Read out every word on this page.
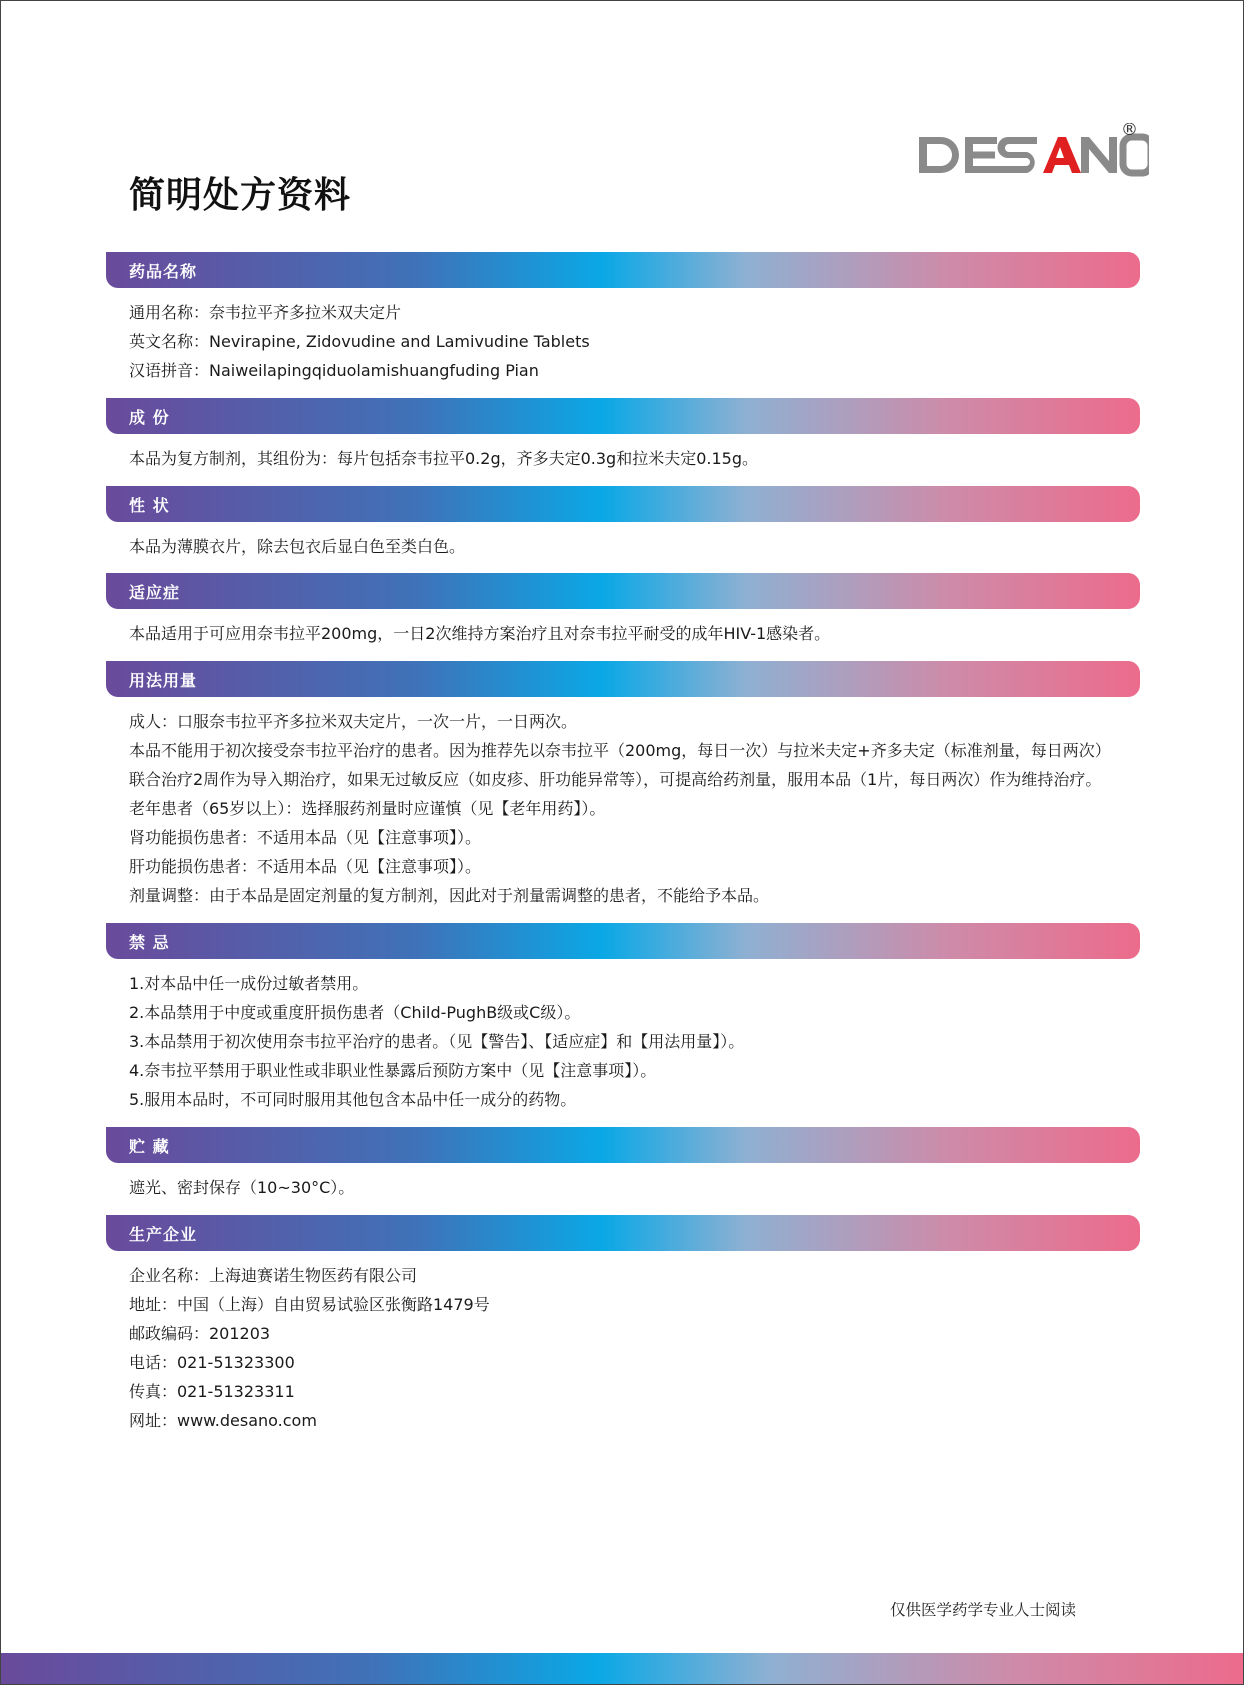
简明处方资料
®
药品名称
通用名称：奈韦拉平齐多拉米双夫定片
英文名称：Nevirapine, Zidovudine and Lamivudine Tablets
汉语拼音：Naiweilapingqiduolamishuangfuding Pian
成 份
本品为复方制剂，其组份为：每片包括奈韦拉平0.2g，齐多夫定0.3g和拉米夫定0.15g。
性 状
本品为薄膜衣片，除去包衣后显白色至类白色。
适应症
本品适用于可应用奈韦拉平200mg，一日2次维持方案治疗且对奈韦拉平耐受的成年HIV-1感染者。
用法用量
成人：口服奈韦拉平齐多拉米双夫定片，一次一片，一日两次。
本品不能用于初次接受奈韦拉平治疗的患者。因为推荐先以奈韦拉平（200mg，每日一次）与拉米夫定+齐多夫定（标准剂量，每日两次）
联合治疗2周作为导入期治疗，如果无过敏反应（如皮疹、肝功能异常等），可提高给药剂量，服用本品（1片，每日两次）作为维持治疗。
老年患者（65岁以上）：选择服药剂量时应谨慎（见【老年用药】）。
肾功能损伤患者：不适用本品（见【注意事项】）。
肝功能损伤患者：不适用本品（见【注意事项】）。
剂量调整：由于本品是固定剂量的复方制剂，因此对于剂量需调整的患者，不能给予本品。
禁 忌
1.对本品中任一成份过敏者禁用。
2.本品禁用于中度或重度肝损伤患者（Child-PughB级或C级）。
3.本品禁用于初次使用奈韦拉平治疗的患者。（见【警告】、【适应症】和【用法用量】）。
4.奈韦拉平禁用于职业性或非职业性暴露后预防方案中（见【注意事项】）。
5.服用本品时，不可同时服用其他包含本品中任一成分的药物。
贮 藏
遮光、密封保存（10~30°C）。
生产企业
企业名称：上海迪赛诺生物医药有限公司
地址：中国（上海）自由贸易试验区张衡路1479号
邮政编码：201203
电话：021-51323300
传真：021-51323311
网址：www.desano.com
仅供医学药学专业人士阅读
